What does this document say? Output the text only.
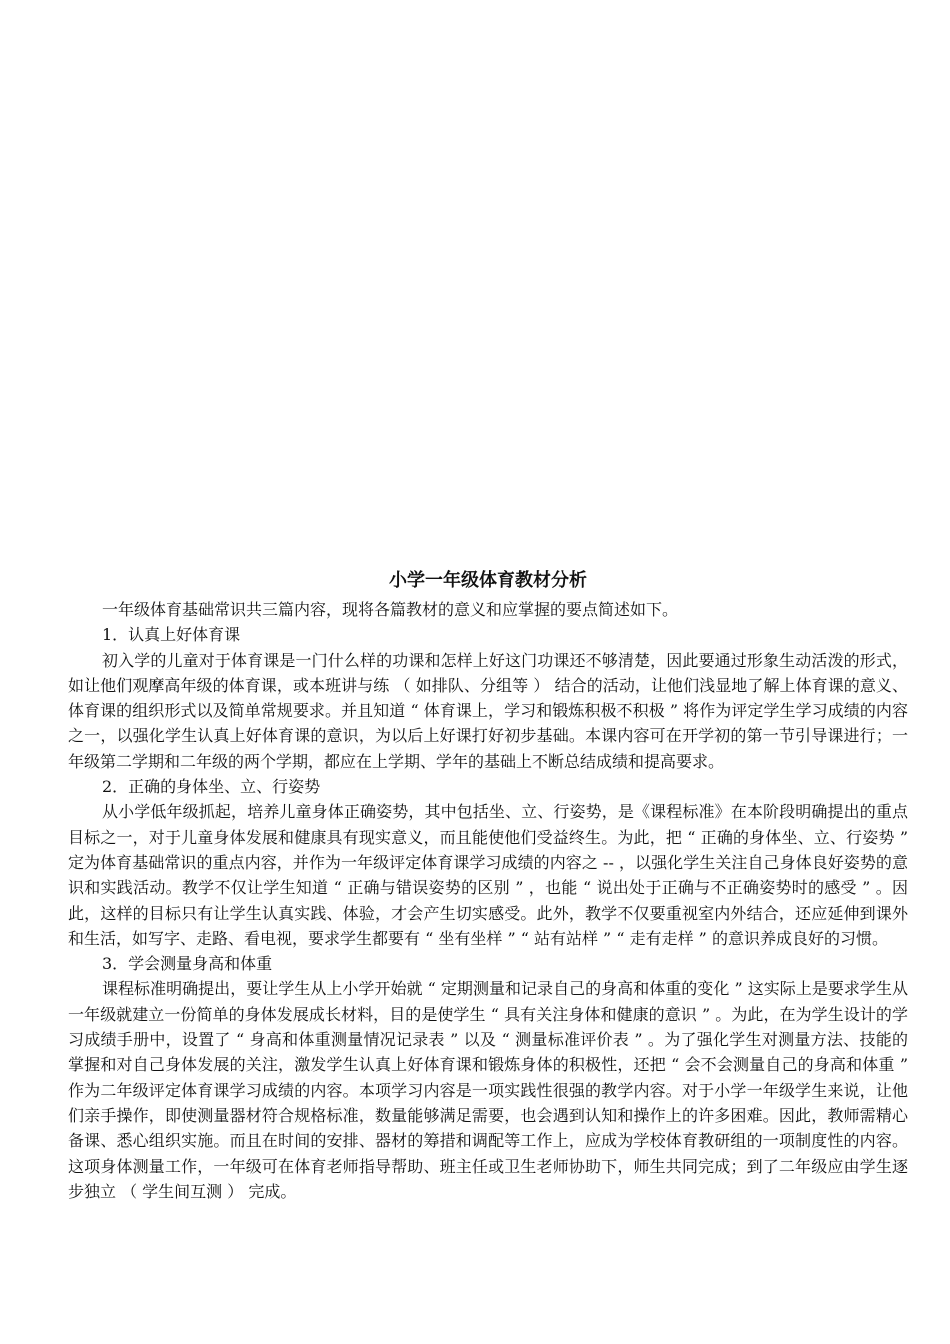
小学一年级体育教材分析

一年级体育基础常识共三篇内容，现将各篇教材的意义和应掌握的要点简述如下。

1．认真上好体育课

初入学的儿童对于体育课是一门什么样的功课和怎样上好这门功课还不够清楚，因此要通过形象生动活泼的形式，如让他们观摩高年级的体育课，或本班讲与练 （ 如排队、分组等 ） 结合的活动，让他们浅显地了解上体育课的意义、体育课的组织形式以及简单常规要求。并且知道 “ 体育课上，学习和锻炼积极不积极 ” 将作为评定学生学习成绩的内容之一，以强化学生认真上好体育课的意识，为以后上好课打好初步基础。本课内容可在开学初的第一节引导课进行；一年级第二学期和二年级的两个学期，都应在上学期、学年的基础上不断总结成绩和提高要求。

2．正确的身体坐、立、行姿势

从小学低年级抓起，培养儿童身体正确姿势，其中包括坐、立、行姿势，是《课程标准》在本阶段明确提出的重点目标之一，对于儿童身体发展和健康具有现实意义，而且能使他们受益终生。为此，把 “ 正确的身体坐、立、行姿势 ” 定为体育基础常识的重点内容，并作为一年级评定体育课学习成绩的内容之 -- ，以强化学生关注自己身体良好姿势的意识和实践活动。教学不仅让学生知道 “ 正确与错误姿势的区别 ” ，也能 “ 说出处于正确与不正确姿势时的感受 ” 。因此，这样的目标只有让学生认真实践、体验，才会产生切实感受。此外，教学不仅要重视室内外结合，还应延伸到课外和生活，如写字、走路、看电视，要求学生都要有 “ 坐有坐样 ” “ 站有站样 ” “ 走有走样 ” 的意识养成良好的习惯。

3．学会测量身高和体重

课程标准明确提出，要让学生从上小学开始就 “ 定期测量和记录自己的身高和体重的变化 ” 这实际上是要求学生从一年级就建立一份简单的身体发展成长材料，目的是使学生 “ 具有关注身体和健康的意识 ” 。为此，在为学生设计的学习成绩手册中，设置了 “ 身高和体重测量情况记录表 ” 以及 “ 测量标准评价表 ” 。为了强化学生对测量方法、技能的掌握和对自己身体发展的关注，激发学生认真上好体育课和锻炼身体的积极性，还把 “ 会不会测量自己的身高和体重 ” 作为二年级评定体育课学习成绩的内容。本项学习内容是一项实践性很强的教学内容。对于小学一年级学生来说，让他们亲手操作，即使测量器材符合规格标准，数量能够满足需要，也会遇到认知和操作上的许多困难。因此，教师需精心备课、悉心组织实施。而且在时间的安排、器材的筹措和调配等工作上，应成为学校体育教研组的一项制度性的内容。这项身体测量工作，一年级可在体育老师指导帮助、班主任或卫生老师协助下，师生共同完成；到了二年级应由学生逐步独立 （ 学生间互测 ） 完成。
